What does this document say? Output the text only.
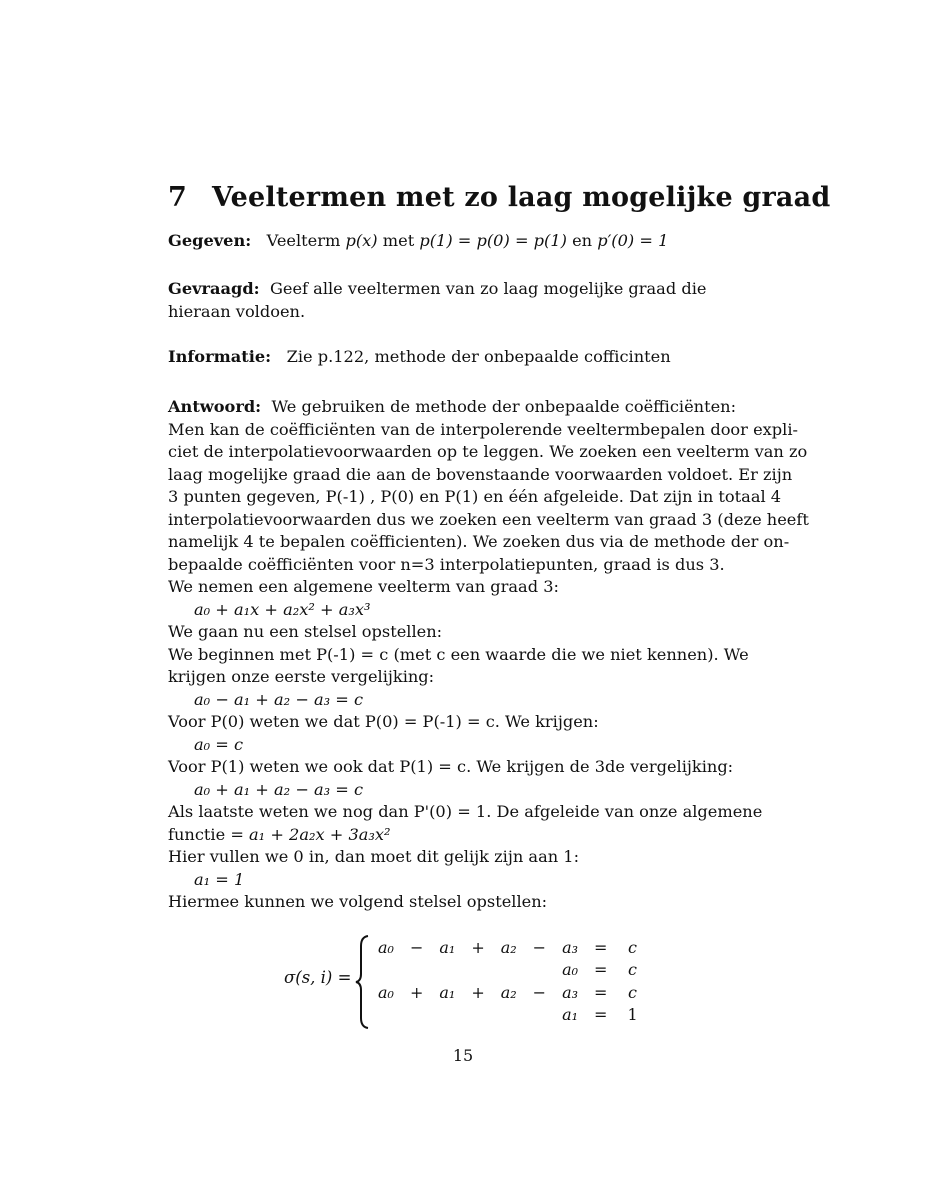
7 Veeltermen met zo laag mogelijke graad
Gegeven: Veelterm p(x) met p(1) = p(0) = p(1) en p′(0) = 1
Gevraagd: Geef alle veeltermen van zo laag mogelijke graad die hieraan voldoen.
Informatie: Zie p.122, methode der onbepaalde cofficinten
Antwoord: We gebruiken de methode der onbepaalde coëfficiënten:
Men kan de coëfficiënten van de interpolerende veeltermbepalen door expli-
ciet de interpolatievoorwaarden op te leggen. We zoeken een veelterm van zo
laag mogelijke graad die aan de bovenstaande voorwaarden voldoet. Er zijn
3 punten gegeven, P(-1) , P(0) en P(1) en één afgeleide. Dat zijn in totaal 4
interpolatievoorwaarden dus we zoeken een veelterm van graad 3 (deze heeft
namelijk 4 te bepalen coëfficienten). We zoeken dus via de methode der on-
bepaalde coëfficiënten voor n=3 interpolatiepunten, graad is dus 3.
We nemen een algemene veelterm van graad 3:
a₀ + a₁x + a₂x² + a₃x³
We gaan nu een stelsel opstellen:
We beginnen met P(-1) = c (met c een waarde die we niet kennen). We
krijgen onze eerste vergelijking:
a₀ − a₁ + a₂ − a₃ = c
Voor P(0) weten we dat P(0) = P(-1) = c. We krijgen:
a₀ = c
Voor P(1) weten we ook dat P(1) = c. We krijgen de 3de vergelijking:
a₀ + a₁ + a₂ − a₃ = c
Als laatste weten we nog dan P'(0) = 1. De afgeleide van onze algemene
functie = a₁ + 2a₂x + 3a₃x²
Hier vullen we 0 in, dan moet dit gelijk zijn aan 1:
a₁ = 1
Hiermee kunnen we volgend stelsel opstellen:
σ(s, i) =
a₀	−	a₁	+	a₂	−	a₃	=	c
						a₀	=	c
a₀	+	a₁	+	a₂	−	a₃	=	c
						a₁	=	1
15
